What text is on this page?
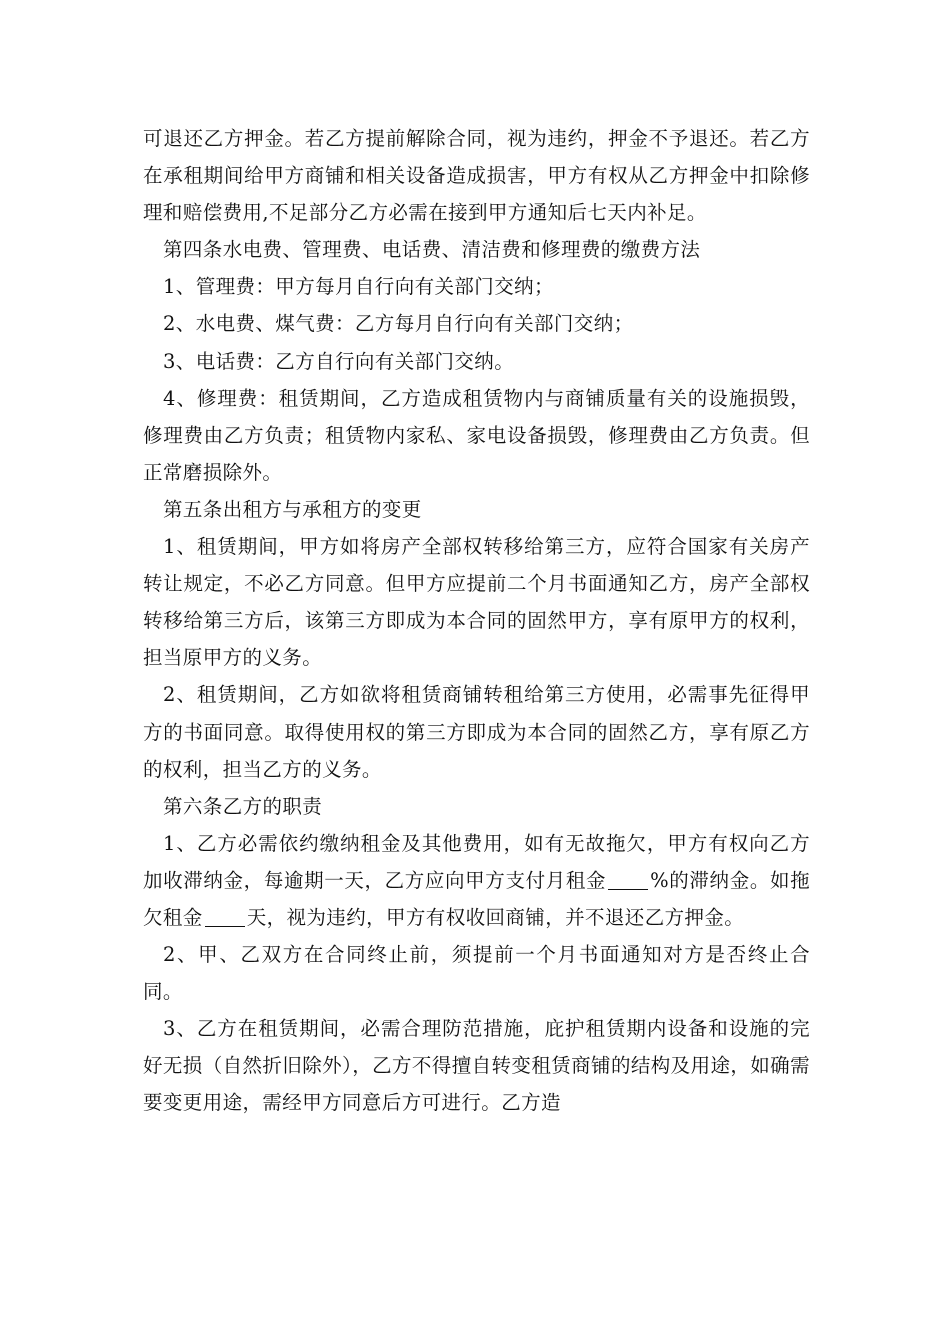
可退还乙方押金。若乙方提前解除合同，视为违约，押金不予退还。若乙方在承租期间给甲方商铺和相关设备造成损害，甲方有权从乙方押金中扣除修理和赔偿费用,不足部分乙方必需在接到甲方通知后七天内补足。

第四条水电费、管理费、电话费、清洁费和修理费的缴费方法

1、管理费：甲方每月自行向有关部门交纳；

2、水电费、煤气费：乙方每月自行向有关部门交纳；

3、电话费：乙方自行向有关部门交纳。

4、修理费：租赁期间，乙方造成租赁物内与商铺质量有关的设施损毁，修理费由乙方负责；租赁物内家私、家电设备损毁，修理费由乙方负责。但正常磨损除外。

第五条出租方与承租方的变更

1、租赁期间，甲方如将房产全部权转移给第三方，应符合国家有关房产转让规定，不必乙方同意。但甲方应提前二个月书面通知乙方，房产全部权转移给第三方后，该第三方即成为本合同的固然甲方，享有原甲方的权利，担当原甲方的义务。

2、租赁期间，乙方如欲将租赁商铺转租给第三方使用，必需事先征得甲方的书面同意。取得使用权的第三方即成为本合同的固然乙方，享有原乙方的权利，担当乙方的义务。

第六条乙方的职责

1、乙方必需依约缴纳租金及其他费用，如有无故拖欠，甲方有权向乙方加收滞纳金，每逾期一天，乙方应向甲方支付月租金 %的滞纳金。如拖欠租金 天，视为违约，甲方有权收回商铺，并不退还乙方押金。

2、甲、乙双方在合同终止前，须提前一个月书面通知对方是否终止合同。

3、乙方在租赁期间，必需合理防范措施，庇护租赁期内设备和设施的完好无损（自然折旧除外），乙方不得擅自转变租赁商铺的结构及用途，如确需要变更用途，需经甲方同意后方可进行。乙方造
